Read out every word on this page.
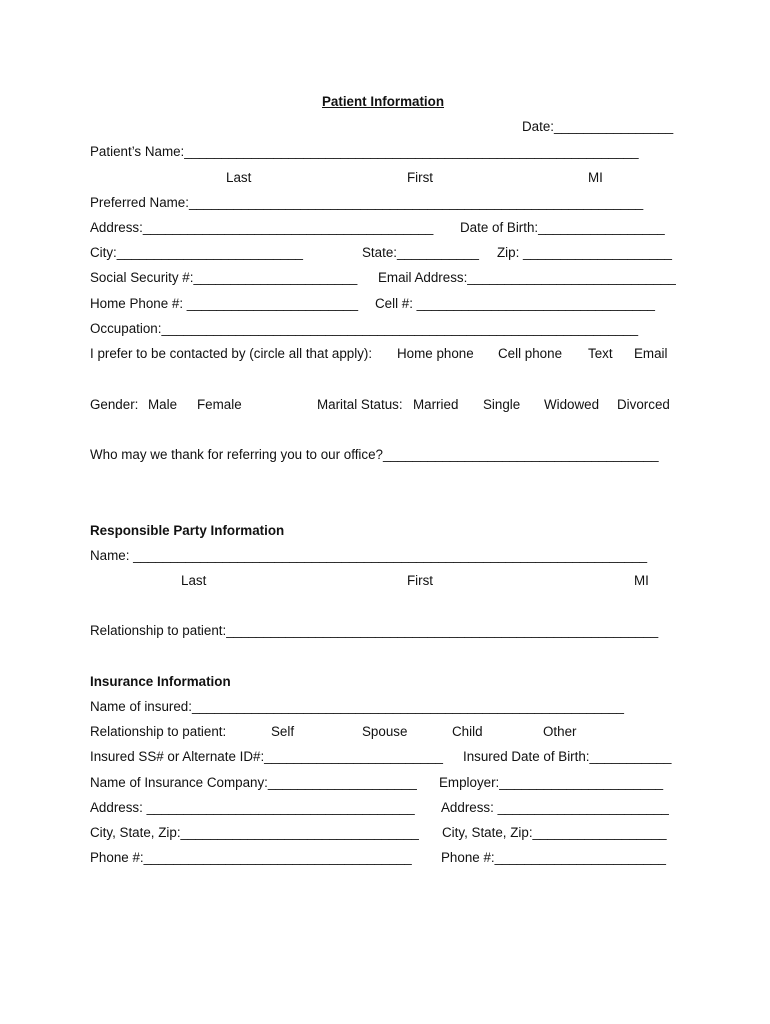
Patient Information
Date:________________
Patient’s Name:_____________________________________________________________
Last	First	MI
Preferred Name:_____________________________________________________________
Address:_______________________________________ Date of Birth:_________________
City:_________________________	State:___________ Zip: ____________________
Social Security #:______________________ Email Address:____________________________
Home Phone #: _______________________ Cell #: ________________________________
Occupation:________________________________________________________________
I prefer to be contacted by (circle all that apply): Home phone Cell phone Text Email
Gender: Male Female	Marital Status: Married Single Widowed Divorced
Who may we thank for referring you to our office?_____________________________________
Responsible Party Information
Name: _____________________________________________________________________
Last	First	MI
Relationship to patient:__________________________________________________________
Insurance Information
Name of insured:__________________________________________________________
Relationship to patient:	Self	Spouse	Child	Other
Insured SS# or Alternate ID#:________________________ Insured Date of Birth:___________
Name of Insurance Company:____________________ Employer:______________________
Address: ____________________________________ Address: _______________________
City, State, Zip:________________________________ City, State, Zip:__________________
Phone #:____________________________________ Phone #:_______________________
